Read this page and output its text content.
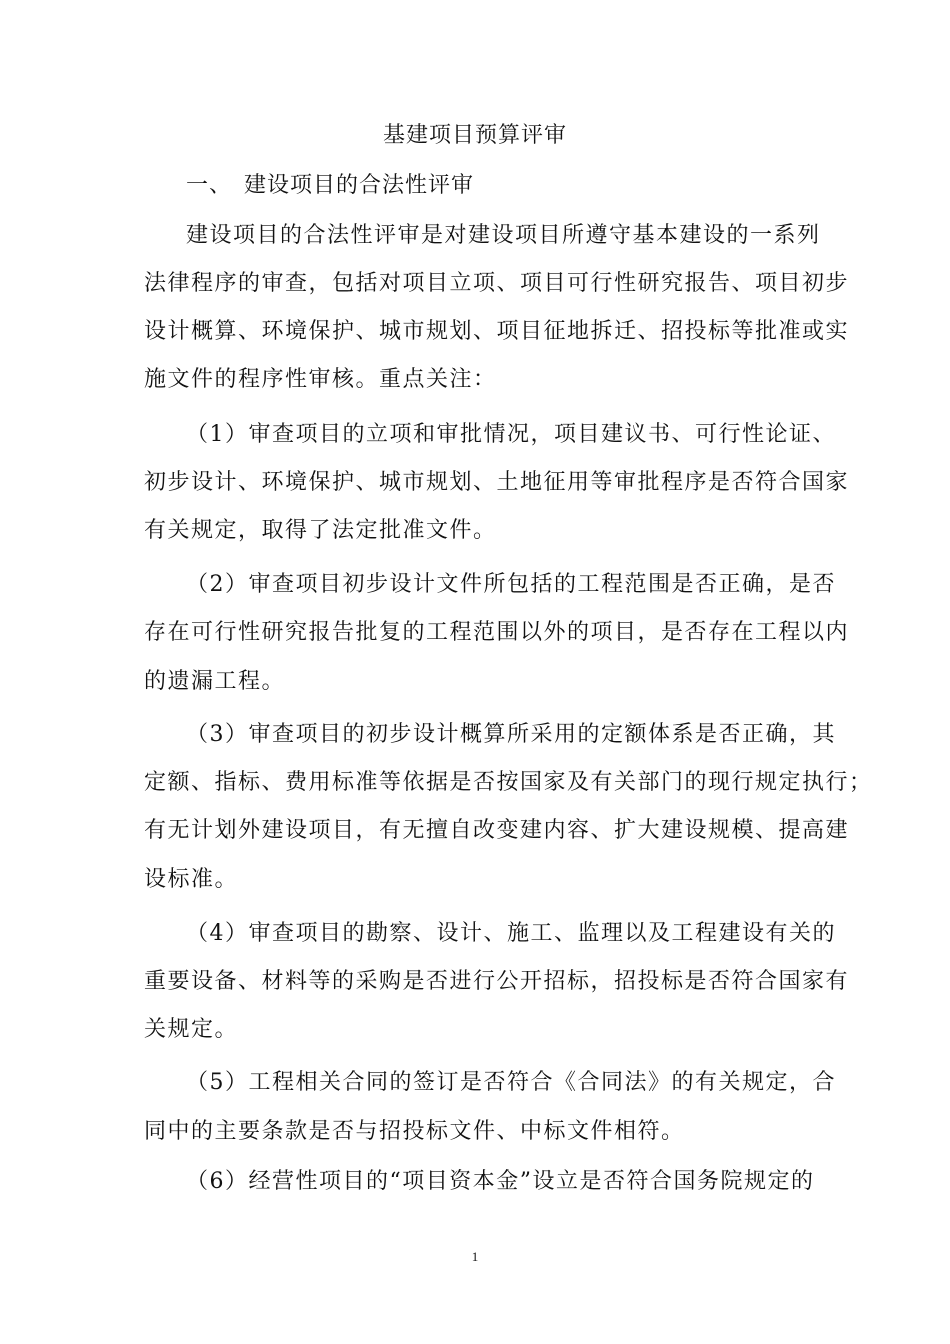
基建项目预算评审
一、 建设项目的合法性评审
建设项目的合法性评审是对建设项目所遵守基本建设的一系列
法律程序的审查，包括对项目立项、项目可行性研究报告、项目初步
设计概算、环境保护、城市规划、项目征地拆迁、招投标等批准或实
施文件的程序性审核。重点关注：
（1）审查项目的立项和审批情况，项目建议书、可行性论证、
初步设计、环境保护、城市规划、土地征用等审批程序是否符合国家
有关规定，取得了法定批准文件。
（2）审查项目初步设计文件所包括的工程范围是否正确，是否
存在可行性研究报告批复的工程范围以外的项目，是否存在工程以内
的遗漏工程。
（3）审查项目的初步设计概算所采用的定额体系是否正确，其
定额、指标、费用标准等依据是否按国家及有关部门的现行规定执行；
有无计划外建设项目，有无擅自改变建内容、扩大建设规模、提高建
设标准。
（4）审查项目的勘察、设计、施工、监理以及工程建设有关的
重要设备、材料等的采购是否进行公开招标，招投标是否符合国家有
关规定。
（5）工程相关合同的签订是否符合《合同法》的有关规定，合
同中的主要条款是否与招投标文件、中标文件相符。
（6）经营性项目的“项目资本金”设立是否符合国务院规定的
1
